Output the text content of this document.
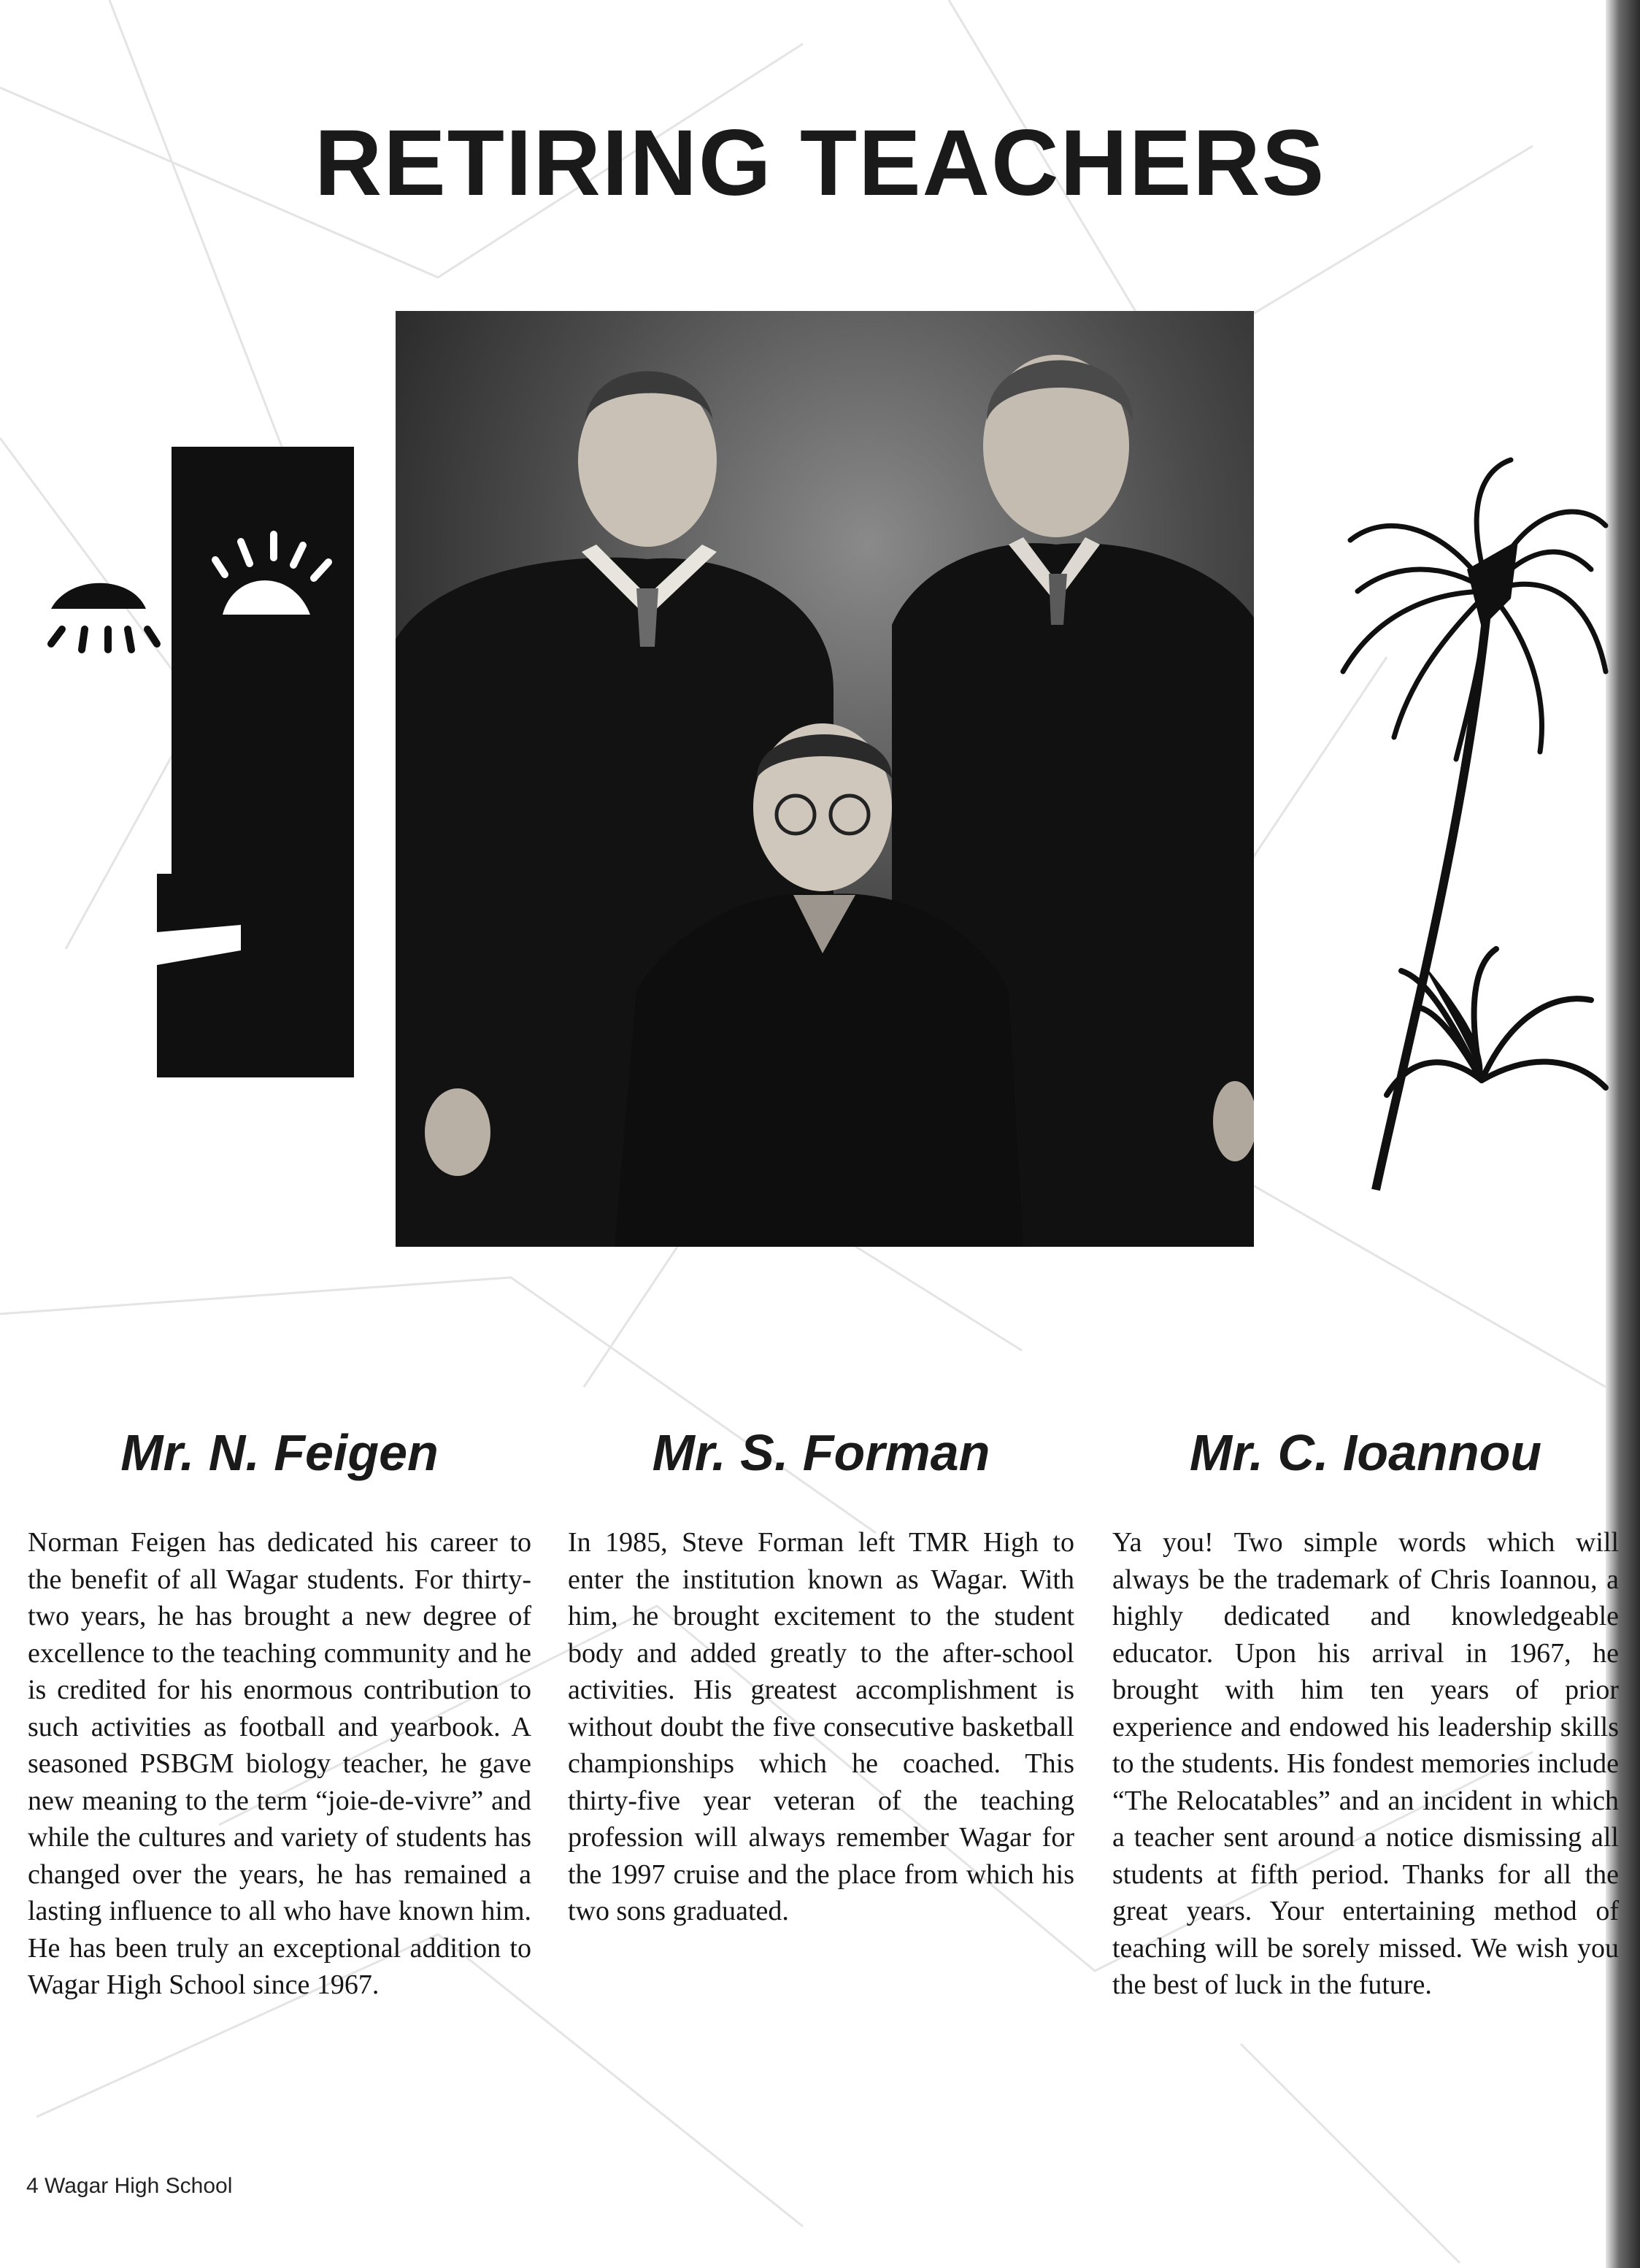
RETIRING TEACHERS
Mr. N. Feigen

Norman Feigen has dedicated his career to the benefit of all Wagar students. For thirty-two years, he has brought a new degree of excellence to the teaching community and he is credited for his enormous contribution to such activities as football and yearbook. A seasoned PSBGM biology teacher, he gave new meaning to the term “joie-de-vivre” and while the cultures and variety of students has changed over the years, he has remained a lasting influence to all who have known him. He has been truly an exceptional addition to Wagar High School since 1967.

Mr. S. Forman

In 1985, Steve Forman left TMR High to enter the institution known as Wagar. With him, he brought excitement to the student body and added greatly to the after-school activities. His greatest accomplishment is without doubt the five consecutive basketball championships which he coached. This thirty-five year veteran of the teaching profession will always remember Wagar for the 1997 cruise and the place from which his two sons graduated.

Mr. C. Ioannou

Ya you! Two simple words which will always be the trademark of Chris Ioannou, a highly dedicated and knowledgeable educator. Upon his arrival in 1967, he brought with him ten years of prior experience and endowed his leadership skills to the students. His fondest memories include “The Relocatables” and an incident in which a teacher sent around a notice dismissing all students at fifth period. Thanks for all the great years. Your entertaining method of teaching will be sorely missed. We wish you the best of luck in the future.

4 Wagar High School
